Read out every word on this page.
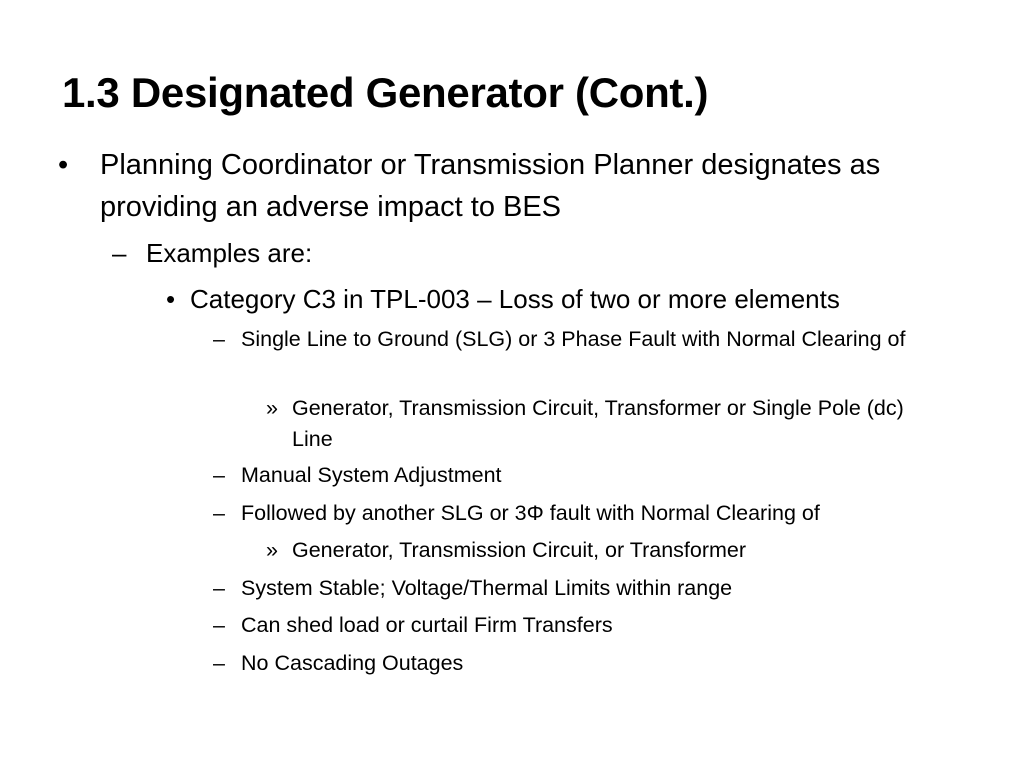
1.3 Designated Generator (Cont.)
• Planning Coordinator or Transmission Planner designates as providing an adverse impact to BES
– Examples are:
• Category C3 in TPL-003 – Loss of two or more elements
– Single Line to Ground (SLG) or 3 Phase Fault with Normal Clearing of
» Generator, Transmission Circuit, Transformer or Single Pole (dc) Line
– Manual System Adjustment
– Followed by another SLG or 3Φ fault with Normal Clearing of
» Generator, Transmission Circuit, or Transformer
– System Stable; Voltage/Thermal Limits within range
– Can shed load or curtail Firm Transfers
– No Cascading Outages
